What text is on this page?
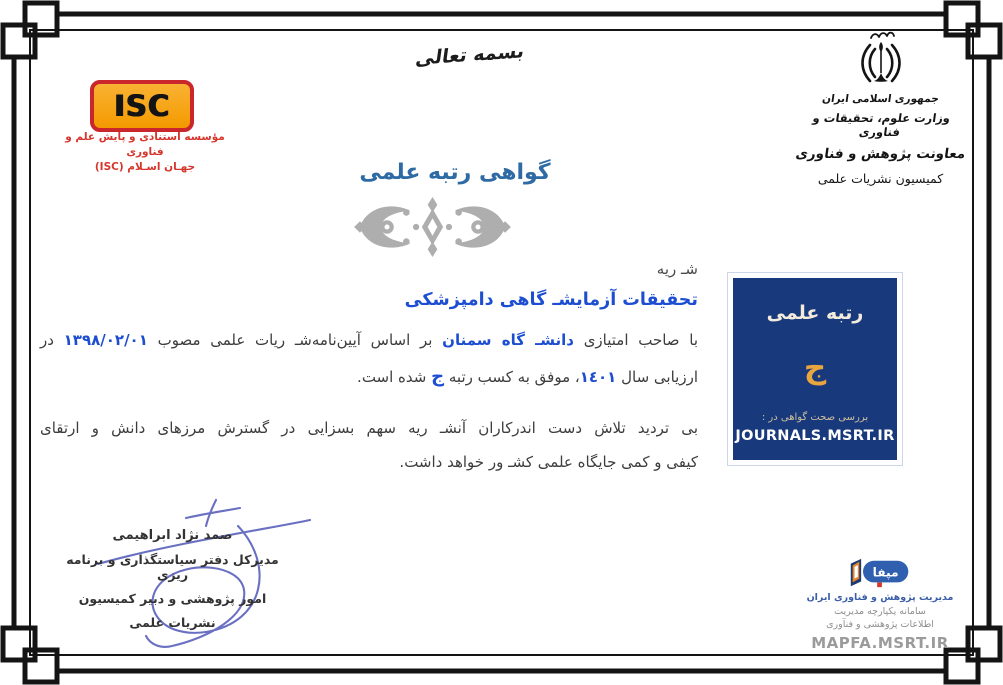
بسمه تعالی
ISC
مؤسسه استنادی و پایش علم و فناوری
جهـان اسـلام (ISC)
جمهوری اسلامی ایران
وزارت علوم، تحقیقات و فناوری
معاونت پژوهش و فناوری
کمیسیون نشریات علمی
گواهی رتبه علمی
شـ ریه
تحقیقات آزمایشـ گاهی دامپزشکی
با صاحب امتیازی دانشـ گاه سمنان بر اساس آیین‌نامه‌شـ ریات علمی مصوب ١٣٩٨/٠٢/٠١ در
ارزیابی سال ١٤٠١، موفق به کسب رتبه ج شده است.
بی تردید تلاش دست اندرکاران آنشـ ریه سهم بسزایی در گسترش مرزهای دانش و ارتقای
کیفی و کمی جایگاه علمی کشـ ور خواهد داشت.
رتبه علمی
ج
بررسی صحت گواهی در :
JOURNALS.MSRT.IR
صمد نژاد ابراهیمی
مدیرکل دفتر سیاستگذاری و برنامه ریزی
امور پژوهشی و دبیر کمیسیون
نشریات علمی
مپفا
مدیریت پژوهش و فناوری ایران
سامانه یکپارچه مدیریت
اطلاعات پژوهشی و فنآوری
MAPFA.MSRT.IR
